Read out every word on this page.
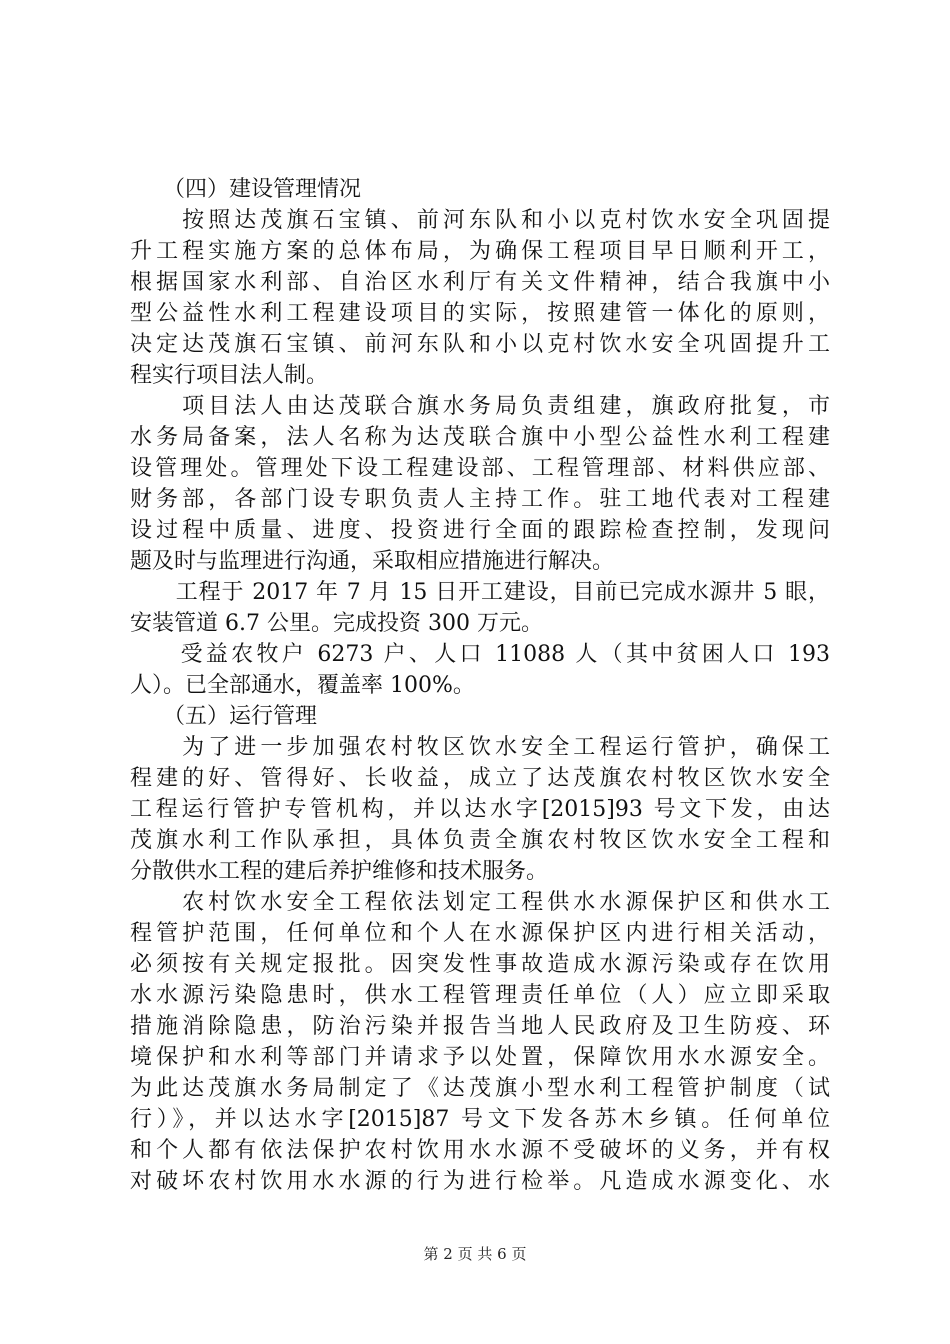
　　（四）建设管理情况
　　按照达茂旗石宝镇、前河东队和小以克村饮水安全巩固提
升工程实施方案的总体布局，为确保工程项目早日顺利开工，
根据国家水利部、自治区水利厅有关文件精神，结合我旗中小
型公益性水利工程建设项目的实际，按照建管一体化的原则，
决定达茂旗石宝镇、前河东队和小以克村饮水安全巩固提升工
程实行项目法人制。
　　项目法人由达茂联合旗水务局负责组建，旗政府批复，市
水务局备案，法人名称为达茂联合旗中小型公益性水利工程建
设管理处。管理处下设工程建设部、工程管理部、材料供应部、
财务部，各部门设专职负责人主持工作。驻工地代表对工程建
设过程中质量、进度、投资进行全面的跟踪检查控制，发现问
题及时与监理进行沟通，采取相应措施进行解决。
　　工程于 2017 年 7 月 15 日开工建设，目前已完成水源井 5 眼，
安装管道 6.7 公里。完成投资 300 万元。
　　受益农牧户 6273 户、人口 11088 人（其中贫困人口 193
人）。已全部通水，覆盖率 100%。
　　（五）运行管理
　　为了进一步加强农村牧区饮水安全工程运行管护，确保工
程建的好、管得好、长收益，成立了达茂旗农村牧区饮水安全
工程运行管护专管机构，并以达水字[2015]93 号文下发，由达
茂旗水利工作队承担，具体负责全旗农村牧区饮水安全工程和
分散供水工程的建后养护维修和技术服务。
　　农村饮水安全工程依法划定工程供水水源保护区和供水工
程管护范围，任何单位和个人在水源保护区内进行相关活动，
必须按有关规定报批。因突发性事故造成水源污染或存在饮用
水水源污染隐患时，供水工程管理责任单位（人）应立即采取
措施消除隐患，防治污染并报告当地人民政府及卫生防疫、环
境保护和水利等部门并请求予以处置，保障饮用水水源安全。
为此达茂旗水务局制定了《达茂旗小型水利工程管护制度（试
行）》，并以达水字[2015]87 号文下发各苏木乡镇。任何单位
和个人都有依法保护农村饮用水水源不受破坏的义务，并有权
对破坏农村饮用水水源的行为进行检举。凡造成水源变化、水
第 2 页 共 6 页
